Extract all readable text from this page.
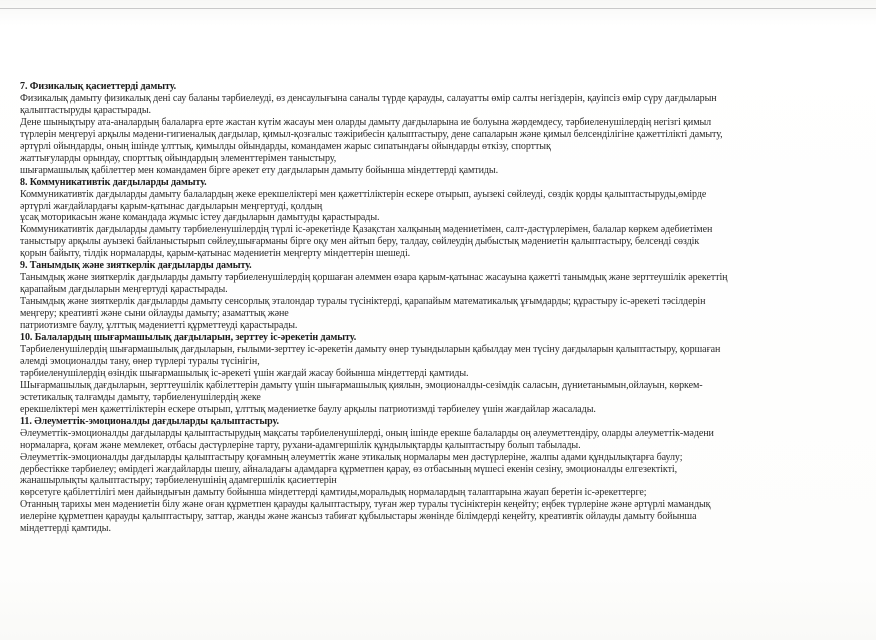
7. Физикалық қасиеттерді дамыту.

Физикалық дамыту физикалық дені сау баланы тәрбиелеуді, өз денсаулығына саналы түрде қарауды, салауатты өмір салты негіздерін, қауіпсіз өмір сүру дағдыларын

қалыптастыруды қарастырады.

Дене шынықтыру ата-аналардың балаларға ерте жастан күтім жасауы мен оларды дамыту дағдыларына ие болуына жәрдемдесу, тәрбиеленушілердің негізгі қимыл

түрлерін меңгеруі арқылы мәдени-гигиеналық дағдылар, қимыл-қозғалыс тәжірибесін қалыптастыру, дене сапаларын және қимыл белсенділігіне қажеттілікті дамыту,

әртүрлі ойындарды, оның ішінде ұлттық, қимылды ойындарды, командамен жарыс сипатындағы ойындарды өткізу, спорттық

жаттығуларды орындау, спорттық ойындардың элементтерімен таныстыру,

шығармашылық қабілеттер мен командамен бірге әрекет ету дағдыларын дамыту бойынша міндеттерді қамтиды.

8. Коммуникативтік дағдыларды дамыту.

Коммуникативтік дағдыларды дамыту балалардың жеке ерекшеліктері мен қажеттіліктерін ескере отырып, ауызекі сөйлеуді, сөздік қорды қалыптастыруды,өмірде

әртүрлі жағдайлардағы қарым-қатынас дағдыларын меңгертуді, қолдың

ұсақ моторикасын және командада жұмыс істеу дағдыларын дамытуды қарастырады.

Коммуникативтік дағдыларды дамыту тәрбиеленушілердің түрлі іс-әрекетінде Қазақстан халқының мәдениетімен, салт-дәстүрлерімен, балалар көркем әдебиетімен

таныстыру арқылы ауызекі байланыстырып сөйлеу,шығарманы бірге оқу мен айтып беру, талдау, сөйлеудің дыбыстық мәдениетін қалыптастыру, белсенді сөздік

қорын байыту, тілдік нормаларды, қарым-қатынас мәдениетін меңгерту міндеттерін шешеді.

9. Танымдық және зияткерлік дағдыларды дамыту.

Танымдық және зияткерлік дағдыларды дамыту тәрбиеленушілердің қоршаған әлеммен өзара қарым-қатынас жасауына қажетті танымдық және зерттеушілік әрекеттің

қарапайым дағдыларын меңгертуді қарастырады.

Танымдық және зияткерлік дағдыларды дамыту сенсорлық эталондар туралы түсініктерді, қарапайым математикалық ұғымдарды; құрастыру іс-әрекеті тәсілдерін

меңгеру; креативті және сыни ойлауды дамыту; азаматтық және

патриотизмге баулу, ұлттық мәдениетті құрметтеуді қарастырады.

10. Балалардың шығармашылық дағдыларын, зерттеу іс-әрекетін дамыту.

Тәрбиеленушілердің шығармашылық дағдыларын, ғылыми-зерттеу іс-әрекетін дамыту өнер туындыларын қабылдау мен түсіну дағдыларын қалыптастыру, қоршаған

әлемді эмоционалды тану, өнер түрлері туралы түсінігін,

тәрбиеленушілердің өзіндік шығармашылық іс-әрекеті үшін жағдай жасау бойынша міндеттерді қамтиды.

Шығармашылық дағдыларын, зерттеушілік қабілеттерін дамыту үшін шығармашылық қиялын, эмоционалды-сезімдік саласын, дүниетанымын,ойлауын, көркем-

эстетикалық талғамды дамыту, тәрбиеленушілердің жеке

ерекшеліктері мен қажеттіліктерін ескере отырып, ұлттық мәдениетке баулу арқылы патриотизмді тәрбиелеу үшін жағдайлар жасалады.

11. Әлеуметтік-эмоционалды дағдыларды қалыптастыру.

Әлеуметтік-эмоционалды дағдыларды қалыптастырудың мақсаты тәрбиеленушілерді, оның ішінде ерекше балаларды оң әлеуметтендіру, оларды әлеуметтік-мәдени

нормаларға, қоғам және мемлекет, отбасы дәстүрлеріне тарту, рухани-адамгершілік құндылықтарды қалыптастыру болып табылады.

Әлеуметтік-эмоционалды дағдыларды қалыптастыру қоғамның әлеуметтік және этикалық нормалары мен дәстүрлеріне, жалпы адами құндылықтарға баулу;

дербестікке тәрбиелеу; өмірдегі жағдайларды шешу, айналадағы адамдарға құрметпен қарау, өз отбасының мүшесі екенін сезіну, эмоционалды елгезектікті,

жанашырлықты қалыптастыру; тәрбиеленушінің адамгершілік қасиеттерін

көрсетуге қабілеттілігі мен дайындығын дамыту бойынша міндеттерді қамтиды,моральдық нормалардың талаптарына жауап беретін іс-әрекеттерге;

Отанның тарихы мен мәдениетін білу және оған құрметпен қарауды қалыптастыру, туған жер туралы түсініктерін кеңейту; еңбек түрлеріне және әртүрлі мамандық

иелеріне құрметпен қарауды қалыптастыру, заттар, жанды және жансыз табиғат құбылыстары жөнінде білімдерді кеңейту, креативтік ойлауды дамыту бойынша

міндеттерді қамтиды.
